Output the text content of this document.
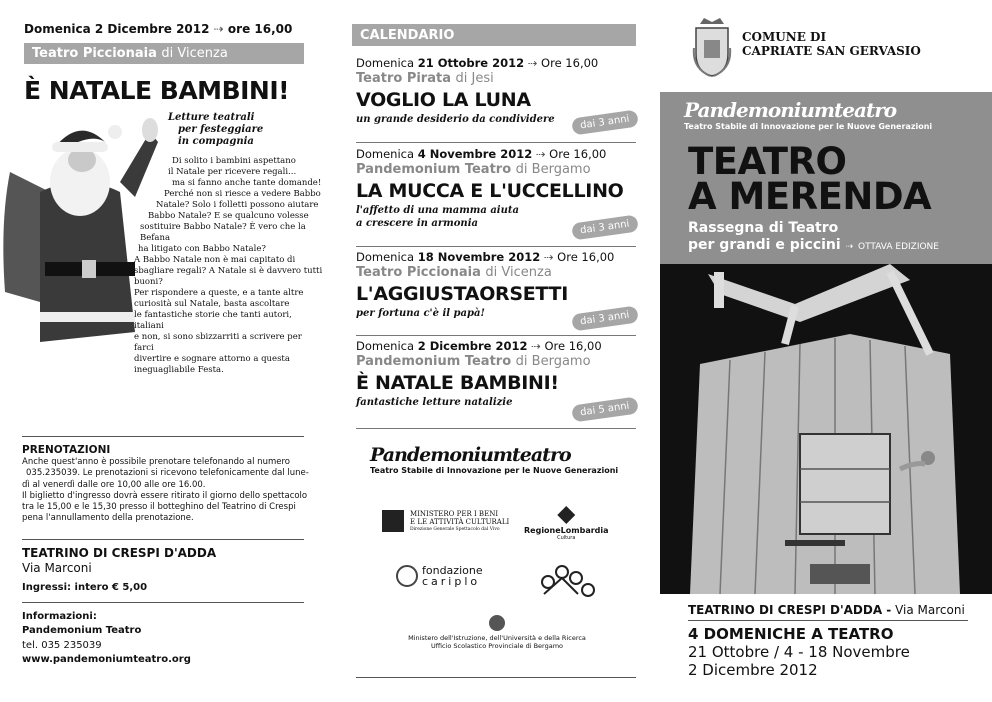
Domenica 2 Dicembre 2012 ⇢ ore 16,00
Teatro Piccionaia di Vicenza
È NATALE BAMBINI!
Letture teatrali
per festeggiare
in compagnia
Di solito i bambini aspettano
il Natale per ricevere regali...
ma si fanno anche tante domande!
Perché non si riesce a vedere Babbo
Natale? Solo i folletti possono aiutare
Babbo Natale? E se qualcuno volesse
sostituire Babbo Natale? È vero che la Befana
ha litigato con Babbo Natale?
A Babbo Natale non è mai capitato di
sbagliare regali? A Natale si è davvero tutti
buoni?
Per rispondere a queste, e a tante altre
curiosità sul Natale, basta ascoltare
le fantastiche storie che tanti autori, italiani
e non, si sono sbizzarriti a scrivere per farci
divertire e sognare attorno a questa
ineguagliabile Festa.
PRENOTAZIONI
Anche quest'anno è possibile prenotare telefonando al numero
035.235039. Le prenotazioni si ricevono telefonicamente dal lune-
dì al venerdì dalle ore 10,00 alle ore 16.00.
Il biglietto d'ingresso dovrà essere ritirato il giorno dello spettacolo
tra le 15,00 e le 15,30 presso il botteghino del Teatrino di Crespi
pena l'annullamento della prenotazione.
TEATRINO DI CRESPI D'ADDA
Via Marconi
Ingressi: intero € 5,00
Informazioni:
Pandemonium Teatro
tel. 035 235039
www.pandemoniumteatro.org
CALENDARIO
Domenica 21 Ottobre 2012 ⇢ Ore 16,00
Teatro Pirata di Jesi
VOGLIO LA LUNA
un grande desiderio da condividere	dai 3 anni
Domenica 4 Novembre 2012 ⇢ Ore 16,00
Pandemonium Teatro di Bergamo
LA MUCCA E L'UCCELLINO
l'affetto di una mamma aiuta
a crescere in armonia	dai 3 anni
Domenica 18 Novembre 2012 ⇢ Ore 16,00
Teatro Piccionaia di Vicenza
L'AGGIUSTAORSETTI
per fortuna c'è il papà!	dai 3 anni
Domenica 2 Dicembre 2012 ⇢ Ore 16,00
Pandemonium Teatro di Bergamo
È NATALE BAMBINI!
fantastiche letture natalizie	dai 5 anni
Pandemoniumteatro
Teatro Stabile di Innovazione per le Nuove Generazioni
MINISTERO PER I BENI
E LE ATTIVITÀ CULTURALI
Direzione Generale Spettacolo dal Vivo	RegioneLombardia
Cultura
fondazione
cariplo
Ministero dell'Istruzione, dell'Università e della Ricerca
Ufficio Scolastico Provinciale di Bergamo
COMUNE DI
CAPRIATE SAN GERVASIO
Pandemoniumteatro
Teatro Stabile di Innovazione per le Nuove Generazioni
TEATRO
A MERENDA
Rassegna di Teatro
per grandi e piccini ⇢ OTTAVA EDIZIONE
TEATRINO DI CRESPI D'ADDA - Via Marconi
4 DOMENICHE A TEATRO
21 Ottobre / 4 - 18 Novembre
2 Dicembre 2012
